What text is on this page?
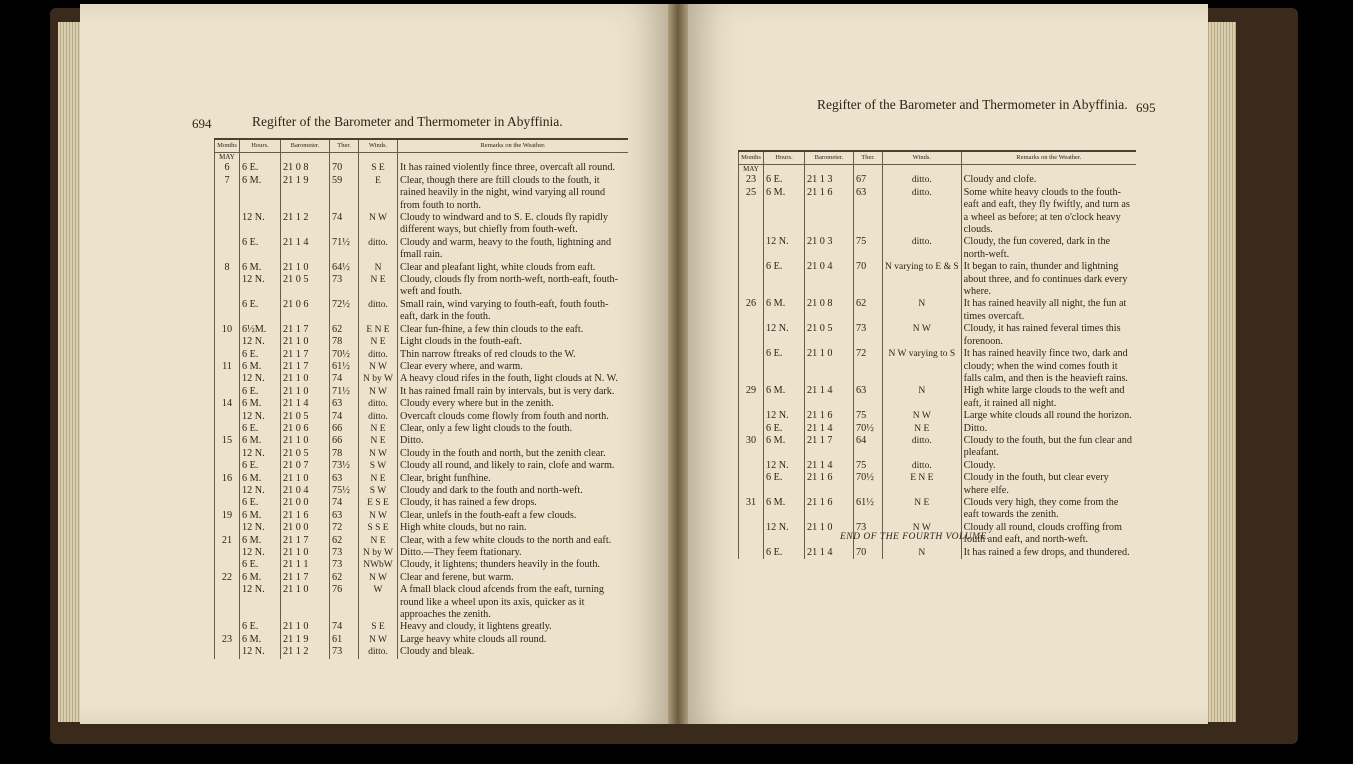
694	Regifter of the Barometer and Thermometer in Abyffinia.
Regifter of the Barometer and Thermometer in Abyffinia. 695
Months	Hours.	Barometer.	Ther.	Winds.	Remarks on the Weather.
MAY					
6	6 E.	21 0 8	70	S E	It has rained violently fince three, overcaft all round.
7	6 M.	21 1 9	59	E	Clear, though there are ftill clouds to the fouth, it rained heavily in the night, wind varying all round from fouth to north.
	12 N.	21 1 2	74	N W	Cloudy to windward and to S. E. clouds fly rapidly different ways, but chiefly from fouth-weft.
	6 E.	21 1 4	71½	ditto.	Cloudy and warm, heavy to the fouth, lightning and fmall rain.
8	6 M.	21 1 0	64½	N	Clear and pleafant light, white clouds from eaft.
	12 N.	21 0 5	73	N E	Cloudy, clouds fly from north-weft, north-eaft, fouth-weft and fouth.
	6 E.	21 0 6	72½	ditto.	Small rain, wind varying to fouth-eaft, fouth fouth-eaft, dark in the fouth.
10	6½M.	21 1 7	62	E N E	Clear fun-fhine, a few thin clouds to the eaft.
	12 N.	21 1 0	78	N E	Light clouds in the fouth-eaft.
	6 E.	21 1 7	70½	ditto.	Thin narrow ftreaks of red clouds to the W.
11	6 M.	21 1 7	61½	N W	Clear every where, and warm.
	12 N.	21 1 0	74	N by W	A heavy cloud rifes in the fouth, light clouds at N. W.
	6 E.	21 1 0	71½	N W	It has rained fmall rain by intervals, but is very dark.
14	6 M.	21 1 4	63	ditto.	Cloudy every where but in the zenith.
	12 N.	21 0 5	74	ditto.	Overcaft clouds come flowly from fouth and north.
	6 E.	21 0 6	66	N E	Clear, only a few light clouds to the fouth.
15	6 M.	21 1 0	66	N E	Ditto.
	12 N.	21 0 5	78	N W	Cloudy in the fouth and north, but the zenith clear.
	6 E.	21 0 7	73½	S W	Cloudy all round, and likely to rain, clofe and warm.
16	6 M.	21 1 0	63	N E	Clear, bright funfhine.
	12 N.	21 0 4	75½	S W	Cloudy and dark to the fouth and north-weft.
	6 E.	21 0 0	74	E S E	Cloudy, it has rained a few drops.
19	6 M.	21 1 6	63	N W	Clear, unlefs in the fouth-eaft a few clouds.
	12 N.	21 0 0	72	S S E	High white clouds, but no rain.
21	6 M.	21 1 7	62	N E	Clear, with a few white clouds to the north and eaft.
	12 N.	21 1 0	73	N by W	Ditto.—They feem ftationary.
	6 E.	21 1 1	73	NWbW	Cloudy, it lightens; thunders heavily in the fouth.
22	6 M.	21 1 7	62	N W	Clear and ferene, but warm.
	12 N.	21 1 0	76	W	A fmall black cloud afcends from the eaft, turning round like a wheel upon its axis, quicker as it approaches the zenith.
	6 E.	21 1 0	74	S E	Heavy and cloudy, it lightens greatly.
23	6 M.	21 1 9	61	N W	Large heavy white clouds all round.
	12 N.	21 1 2	73	ditto.	Cloudy and bleak.
Months	Hours.	Barometer.	Ther.	Winds.	Remarks on the Weather.
MAY					
23	6 E.	21 1 3	67	ditto.	Cloudy and clofe.
25	6 M.	21 1 6	63	ditto.	Some white heavy clouds to the fouth-eaft and eaft, they fly fwiftly, and turn as a wheel as before; at ten o'clock heavy clouds.
	12 N.	21 0 3	75	ditto.	Cloudy, the fun covered, dark in the north-weft.
	6 E.	21 0 4	70	N varying to E & S	It began to rain, thunder and lightning about three, and fo continues dark every where.
26	6 M.	21 0 8	62	N	It has rained heavily all night, the fun at times overcaft.
	12 N.	21 0 5	73	N W	Cloudy, it has rained feveral times this forenoon.
	6 E.	21 1 0	72	N W varying to S	It has rained heavily fince two, dark and cloudy; when the wind comes fouth it falls calm, and then is the heavieft rains.
29	6 M.	21 1 4	63	N	High white large clouds to the weft and eaft, it rained all night.
	12 N.	21 1 6	75	N W	Large white clouds all round the horizon.
	6 E.	21 1 4	70½	N E	Ditto.
30	6 M.	21 1 7	64	ditto.	Cloudy to the fouth, but the fun clear and pleafant.
	12 N.	21 1 4	75	ditto.	Cloudy.
	6 E.	21 1 6	70½	E N E	Cloudy in the fouth, but clear every where elfe.
31	6 M.	21 1 6	61½	N E	Clouds very high, they come from the eaft towards the zenith.
	12 N.	21 1 0	73	N W	Cloudy all round, clouds croffing from fouth and eaft, and north-weft.
	6 E.	21 1 4	70	N	It has rained a few drops, and thundered.
END OF THE FOURTH VOLUME.
